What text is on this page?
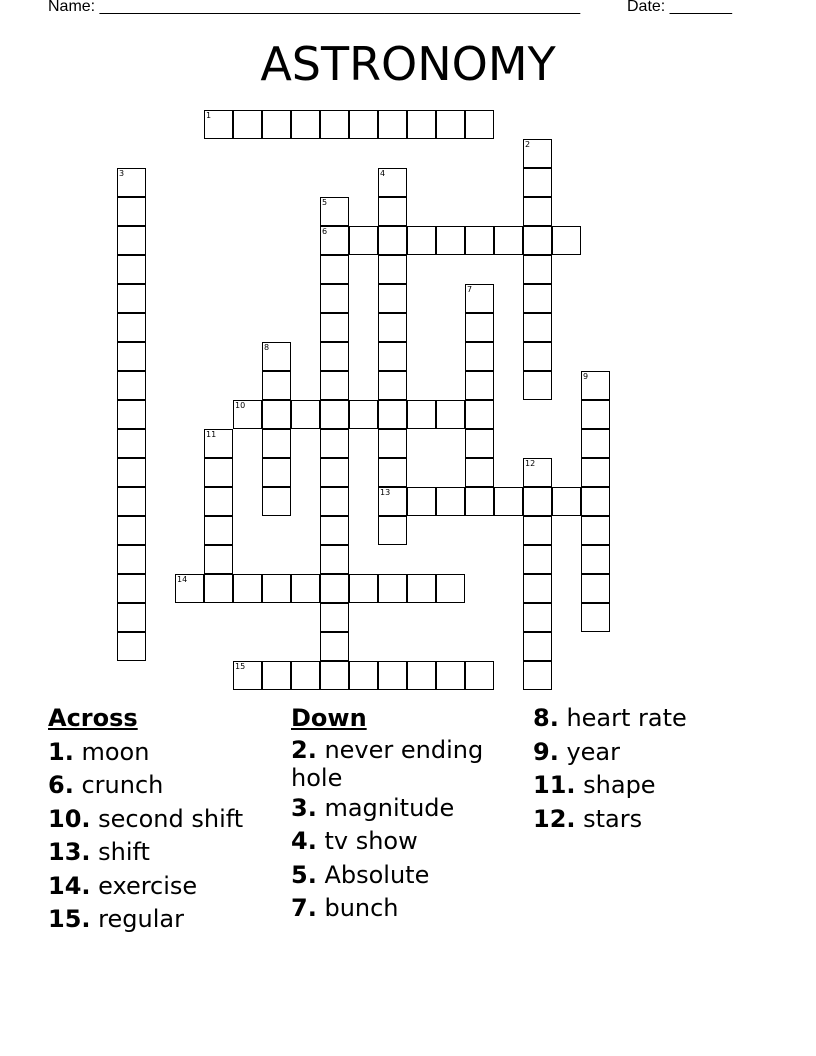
Name: ______________________________________________________	Date: _______
ASTRONOMY
1
2
3	4
13
5
6
7
8
9
10
11
12
14
15
Across
1. moon
6. crunch
10. second shift
13. shift
14. exercise
15. regular
Down
2. never ending hole
3. magnitude
4. tv show
5. Absolute
7. bunch
8. heart rate
9. year
11. shape
12. stars
